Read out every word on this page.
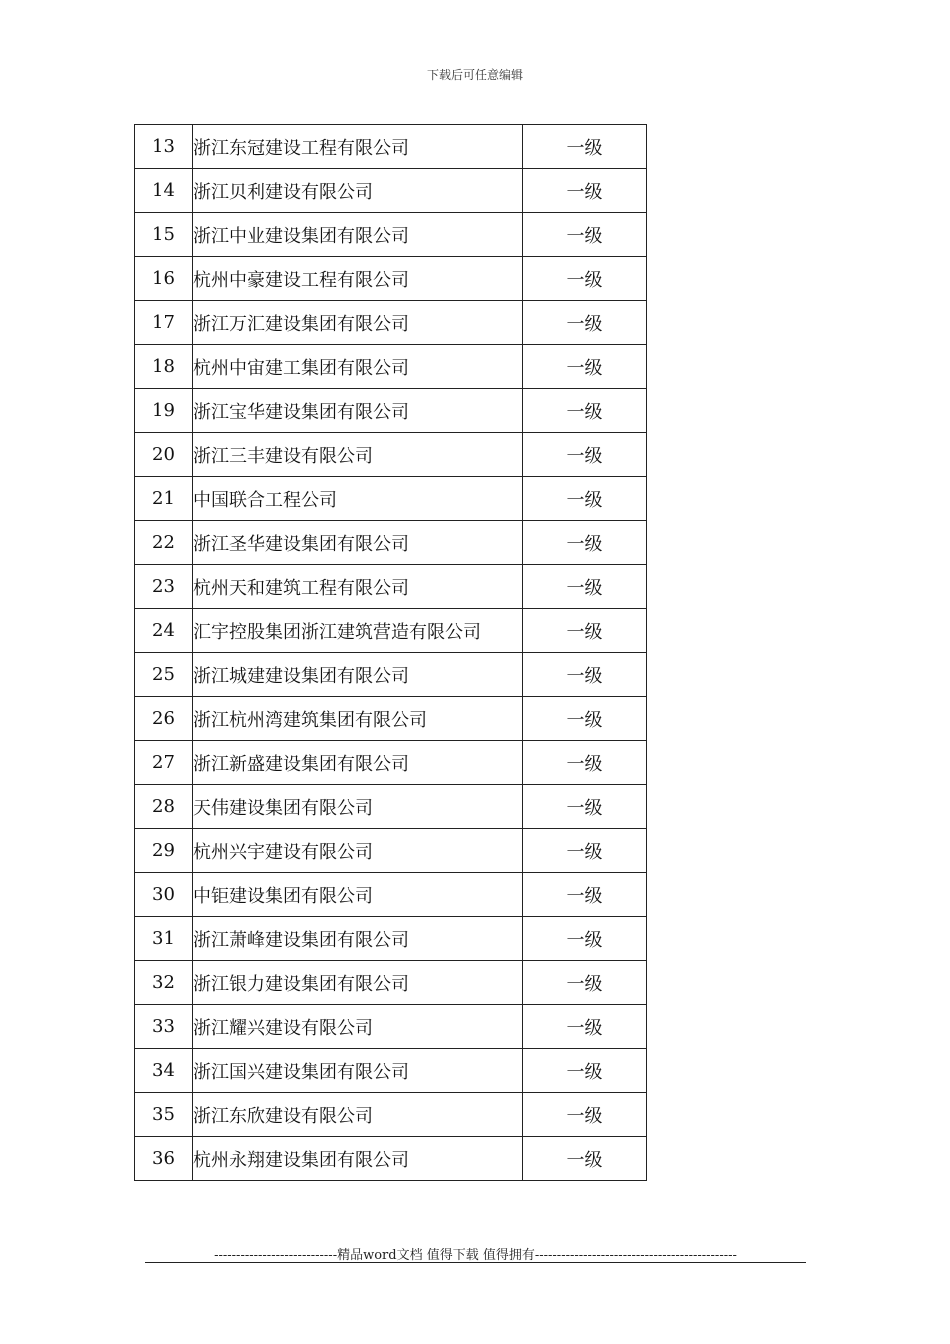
下载后可任意编辑
13	浙江东冠建设工程有限公司	一级
14	浙江贝利建设有限公司	一级
15	浙江中业建设集团有限公司	一级
16	杭州中豪建设工程有限公司	一级
17	浙江万汇建设集团有限公司	一级
18	杭州中宙建工集团有限公司	一级
19	浙江宝华建设集团有限公司	一级
20	浙江三丰建设有限公司	一级
21	中国联合工程公司	一级
22	浙江圣华建设集团有限公司	一级
23	杭州天和建筑工程有限公司	一级
24	汇宇控股集团浙江建筑营造有限公司	一级
25	浙江城建建设集团有限公司	一级
26	浙江杭州湾建筑集团有限公司	一级
27	浙江新盛建设集团有限公司	一级
28	天伟建设集团有限公司	一级
29	杭州兴宇建设有限公司	一级
30	中钜建设集团有限公司	一级
31	浙江萧峰建设集团有限公司	一级
32	浙江银力建设集团有限公司	一级
33	浙江耀兴建设有限公司	一级
34	浙江国兴建设集团有限公司	一级
35	浙江东欣建设有限公司	一级
36	杭州永翔建设集团有限公司	一级
----------------------------精品word文档 值得下载 值得拥有----------------------------------------------
